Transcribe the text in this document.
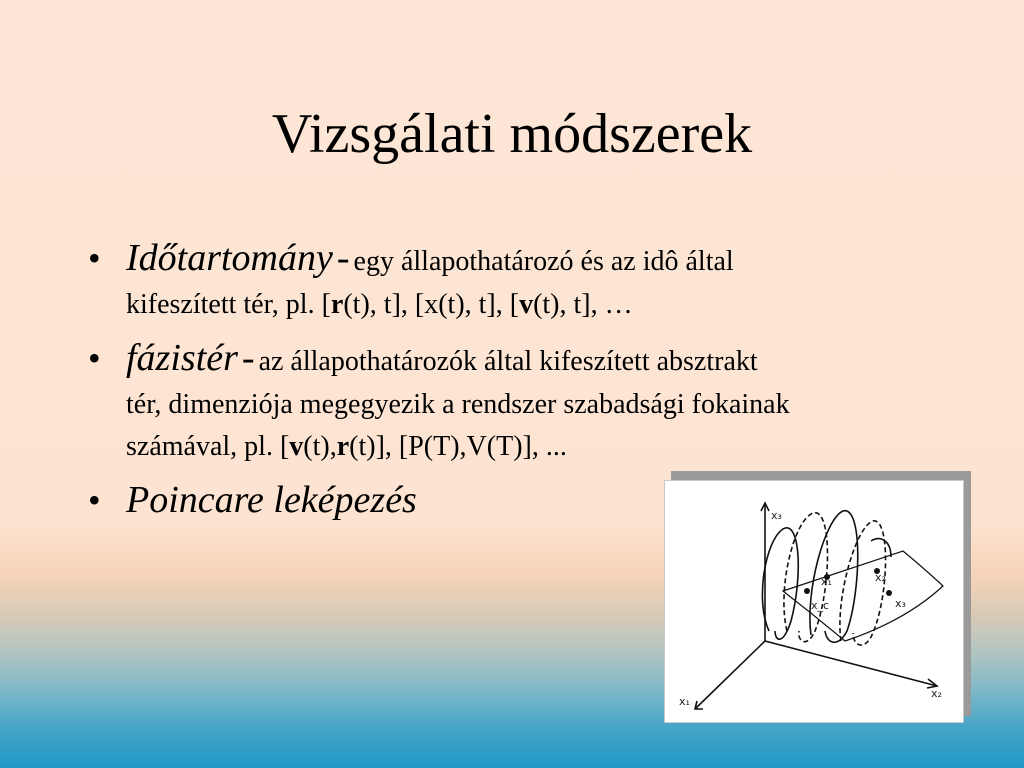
Vizsgálati módszerek
• Időtartomány - egy állapothatározó és az idô által
kifeszített tér, pl. [r(t), t], [x(t), t], [v(t), t], …
• fázistér - az állapothatározók által kifeszített absztrakt
tér, dimenziója megegyezik a rendszer szabadsági fokainak
számával, pl. [v(t),r(t)], [P(T),V(T)], ...
• Poincare leképezés	x₃
x₂
x₁
x_c
x₁	x₂
x₃
